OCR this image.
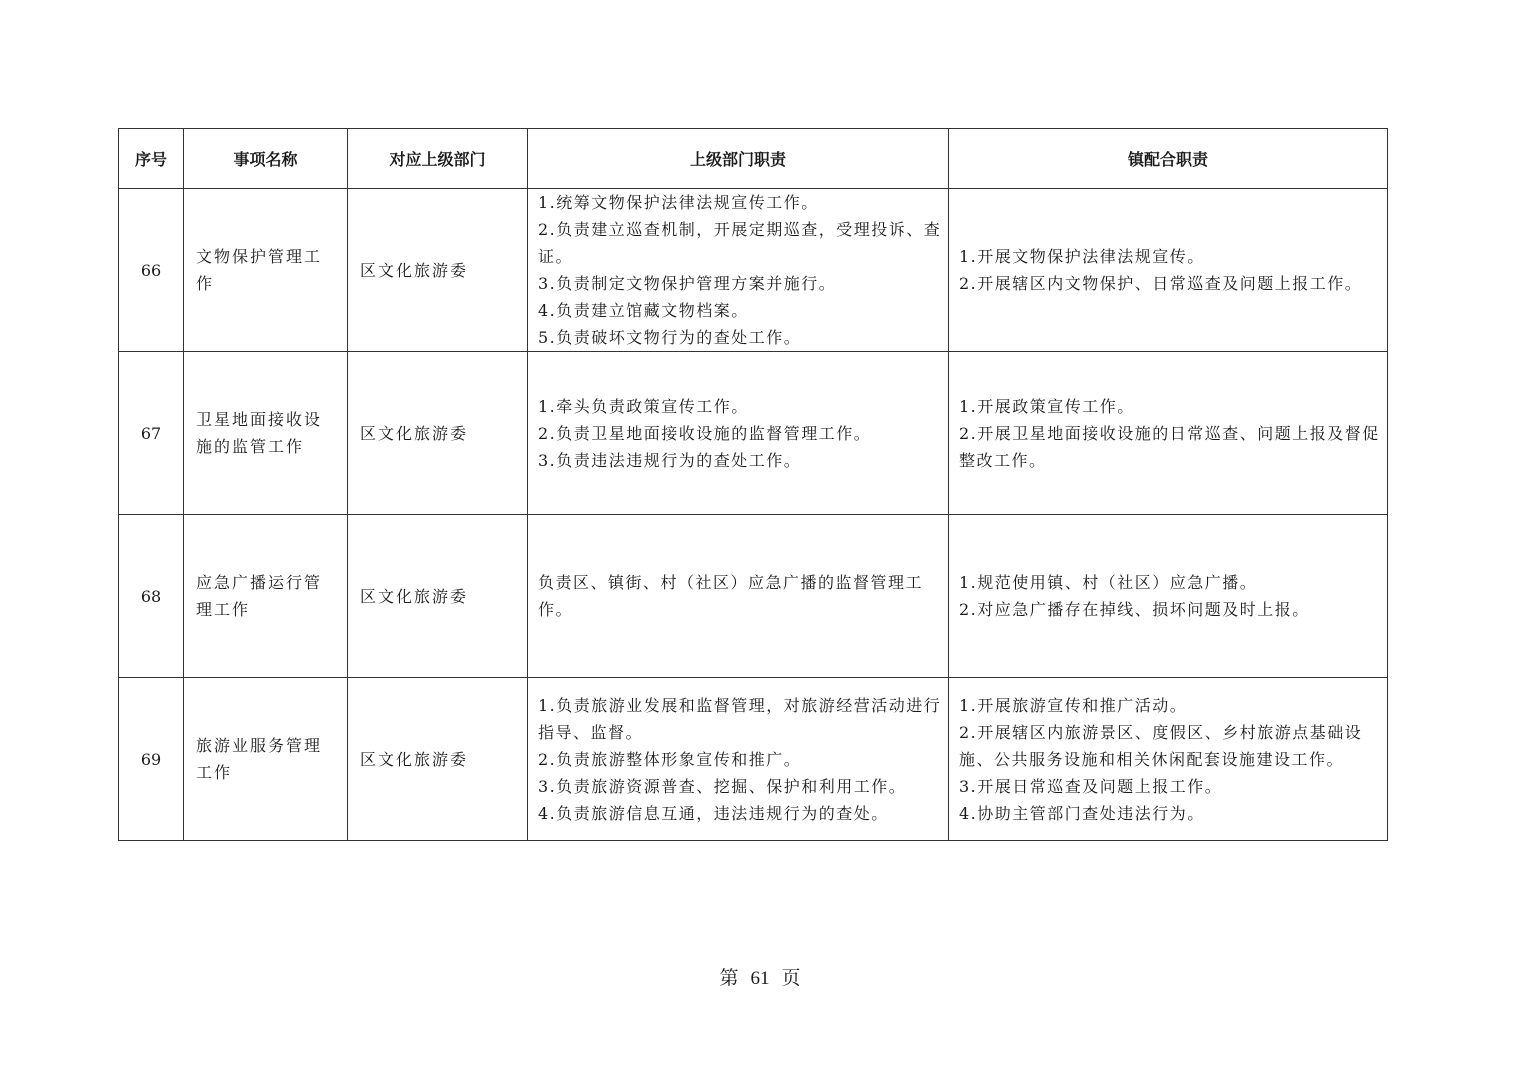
序号	事项名称	对应上级部门	上级部门职责	镇配合职责
66	文物保护管理工作	区文化旅游委	1.统筹文物保护法律法规宣传工作。
2.负责建立巡查机制，开展定期巡查，受理投诉、查证。
3.负责制定文物保护管理方案并施行。
4.负责建立馆藏文物档案。
5.负责破坏文物行为的查处工作。	1.开展文物保护法律法规宣传。
2.开展辖区内文物保护、日常巡查及问题上报工作。

67	卫星地面接收设施的监管工作	区文化旅游委	1.牵头负责政策宣传工作。
2.负责卫星地面接收设施的监督管理工作。
3.负责违法违规行为的查处工作。	1.开展政策宣传工作。
2.开展卫星地面接收设施的日常巡查、问题上报及督促整改工作。

68	应急广播运行管理工作	区文化旅游委	负责区、镇街、村（社区）应急广播的监督管理工作。	1.规范使用镇、村（社区）应急广播。
2.对应急广播存在掉线、损坏问题及时上报。

69	旅游业服务管理工作	区文化旅游委	1.负责旅游业发展和监督管理，对旅游经营活动进行指导、监督。
2.负责旅游整体形象宣传和推广。
3.负责旅游资源普查、挖掘、保护和利用工作。
4.负责旅游信息互通，违法违规行为的查处。	1.开展旅游宣传和推广活动。
2.开展辖区内旅游景区、度假区、乡村旅游点基础设施、公共服务设施和相关休闲配套设施建设工作。
3.开展日常巡查及问题上报工作。
4.协助主管部门查处违法行为。
第 61 页
